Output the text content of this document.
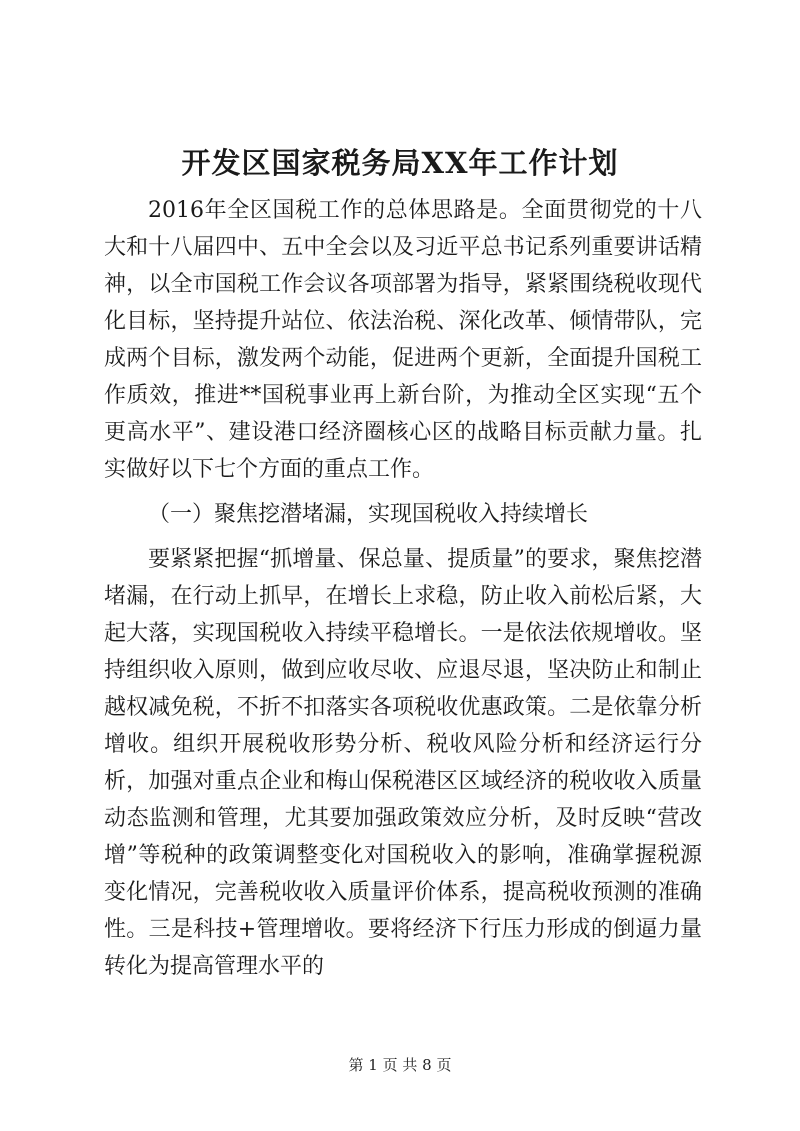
开发区国家税务局XX年工作计划

2016年全区国税工作的总体思路是。全面贯彻党的十八大和十八届四中、五中全会以及习近平总书记系列重要讲话精神，以全市国税工作会议各项部署为指导，紧紧围绕税收现代化目标，坚持提升站位、依法治税、深化改革、倾情带队，完成两个目标，激发两个动能，促进两个更新，全面提升国税工作质效，推进**国税事业再上新台阶，为推动全区实现“五个更高水平”、建设港口经济圈核心区的战略目标贡献力量。扎实做好以下七个方面的重点工作。

（一）聚焦挖潜堵漏，实现国税收入持续增长

要紧紧把握“抓增量、保总量、提质量”的要求，聚焦挖潜堵漏，在行动上抓早，在增长上求稳，防止收入前松后紧，大起大落，实现国税收入持续平稳增长。一是依法依规增收。坚持组织收入原则，做到应收尽收、应退尽退，坚决防止和制止越权减免税，不折不扣落实各项税收优惠政策。二是依靠分析增收。组织开展税收形势分析、税收风险分析和经济运行分析，加强对重点企业和梅山保税港区区域经济的税收收入质量动态监测和管理，尤其要加强政策效应分析，及时反映“营改增”等税种的政策调整变化对国税收入的影响，准确掌握税源变化情况，完善税收收入质量评价体系，提高税收预测的准确性。三是科技+管理增收。要将经济下行压力形成的倒逼力量转化为提高管理水平的

第 1 页 共 8 页
